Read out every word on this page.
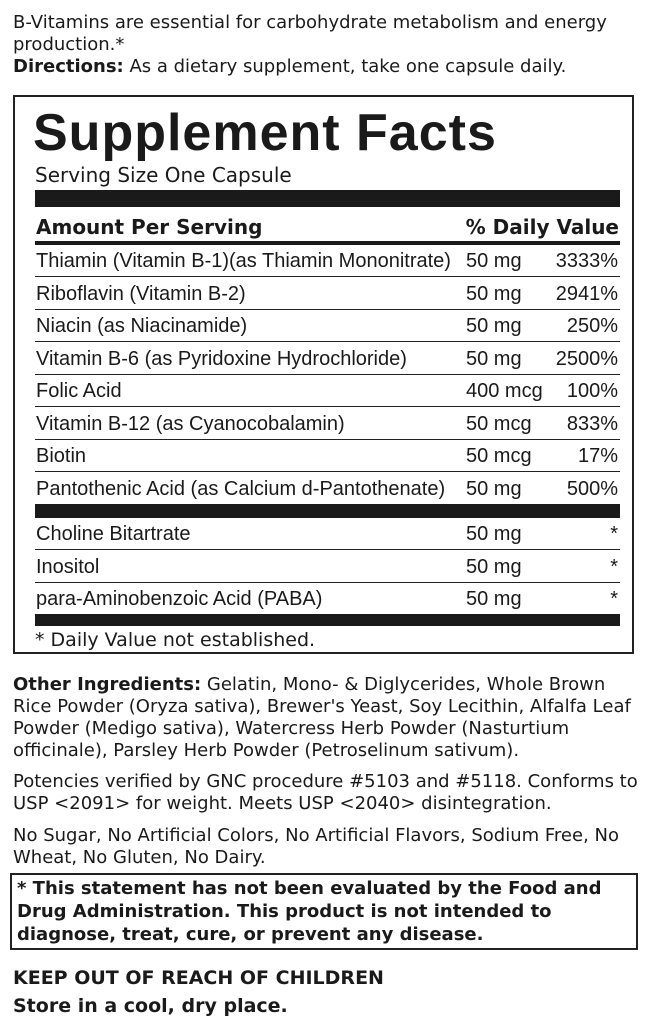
B-Vitamins are essential for carbohydrate metabolism and energy production.*
Directions: As a dietary supplement, take one capsule daily.
Supplement Facts
Serving Size One Capsule
Amount Per Serving	% Daily Value
Thiamin (Vitamin B-1)(as Thiamin Mononitrate) 50 mg 3333%
Riboflavin (Vitamin B-2)	50 mg 2941%
Niacin (as Niacinamide)	50 mg 250%
Vitamin B-6 (as Pyridoxine Hydrochloride)	50 mg 2500%
Folic Acid	400 mcg 100%
Vitamin B-12 (as Cyanocobalamin)	50 mcg 833%
Biotin	50 mcg 17%
Pantothenic Acid (as Calcium d-Pantothenate) 50 mg 500%
Choline Bitartrate	50 mg	*
Inositol	50 mg	*
para-Aminobenzoic Acid (PABA)	50 mg	*
* Daily Value not established.
Other Ingredients: Gelatin, Mono- & Diglycerides, Whole Brown Rice Powder (Oryza sativa), Brewer's Yeast, Soy Lecithin, Alfalfa Leaf Powder (Medigo sativa), Watercress Herb Powder (Nasturtium officinale), Parsley Herb Powder (Petroselinum sativum).
Potencies verified by GNC procedure #5103 and #5118. Conforms to USP <2091> for weight. Meets USP <2040> disintegration.
No Sugar, No Artificial Colors, No Artificial Flavors, Sodium Free, No Wheat, No Gluten, No Dairy.
* This statement has not been evaluated by the Food and Drug Administration. This product is not intended to diagnose, treat, cure, or prevent any disease.
KEEP OUT OF REACH OF CHILDREN
Store in a cool, dry place.
